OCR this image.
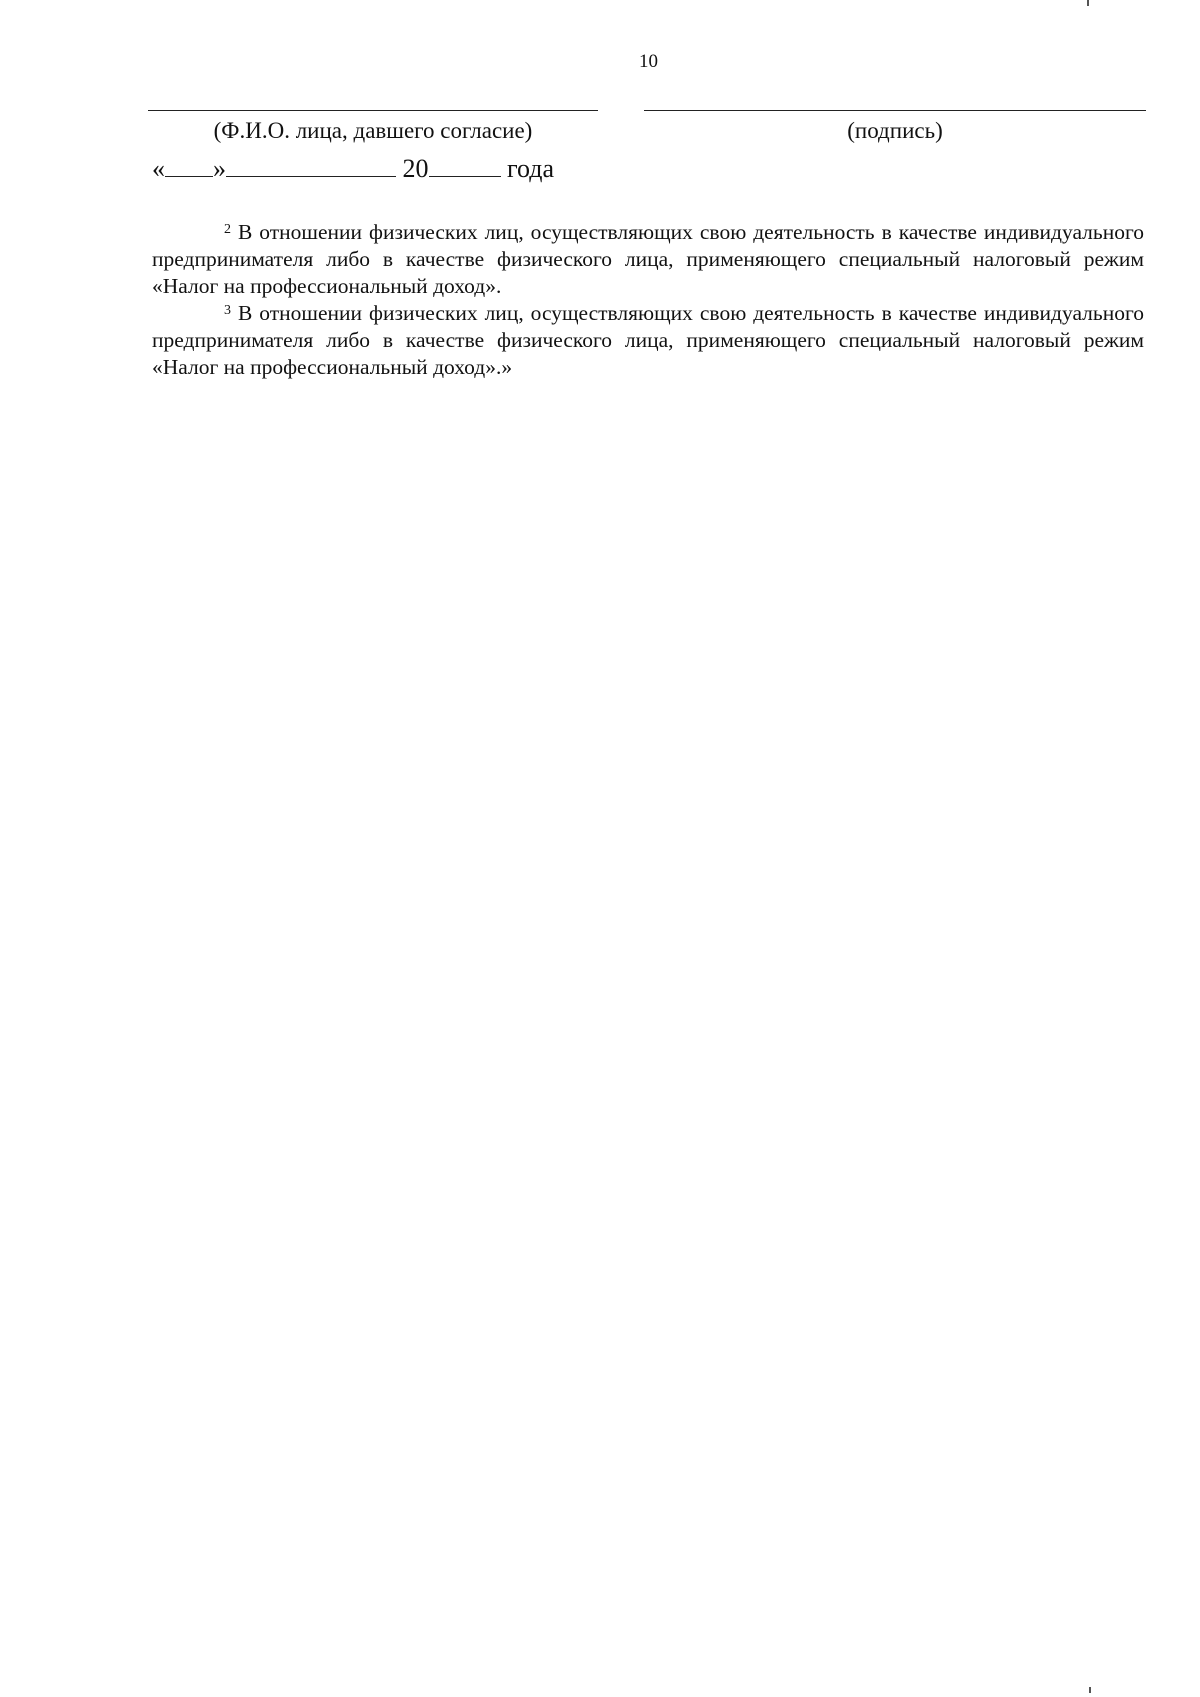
10
(Ф.И.О. лица, давшего согласие)	(подпись)
« »	20	года

$^2$ В отношении физических лиц, осуществляющих свою деятельность в качестве индивидуального предпринимателя либо в качестве физического лица, применяющего специальный налоговый режим «Налог на профессиональный доход».

$^3$ В отношении физических лиц, осуществляющих свою деятельность в качестве индивидуального предпринимателя либо в качестве физического лица, применяющего специальный налоговый режим «Налог на профессиональный доход».»
